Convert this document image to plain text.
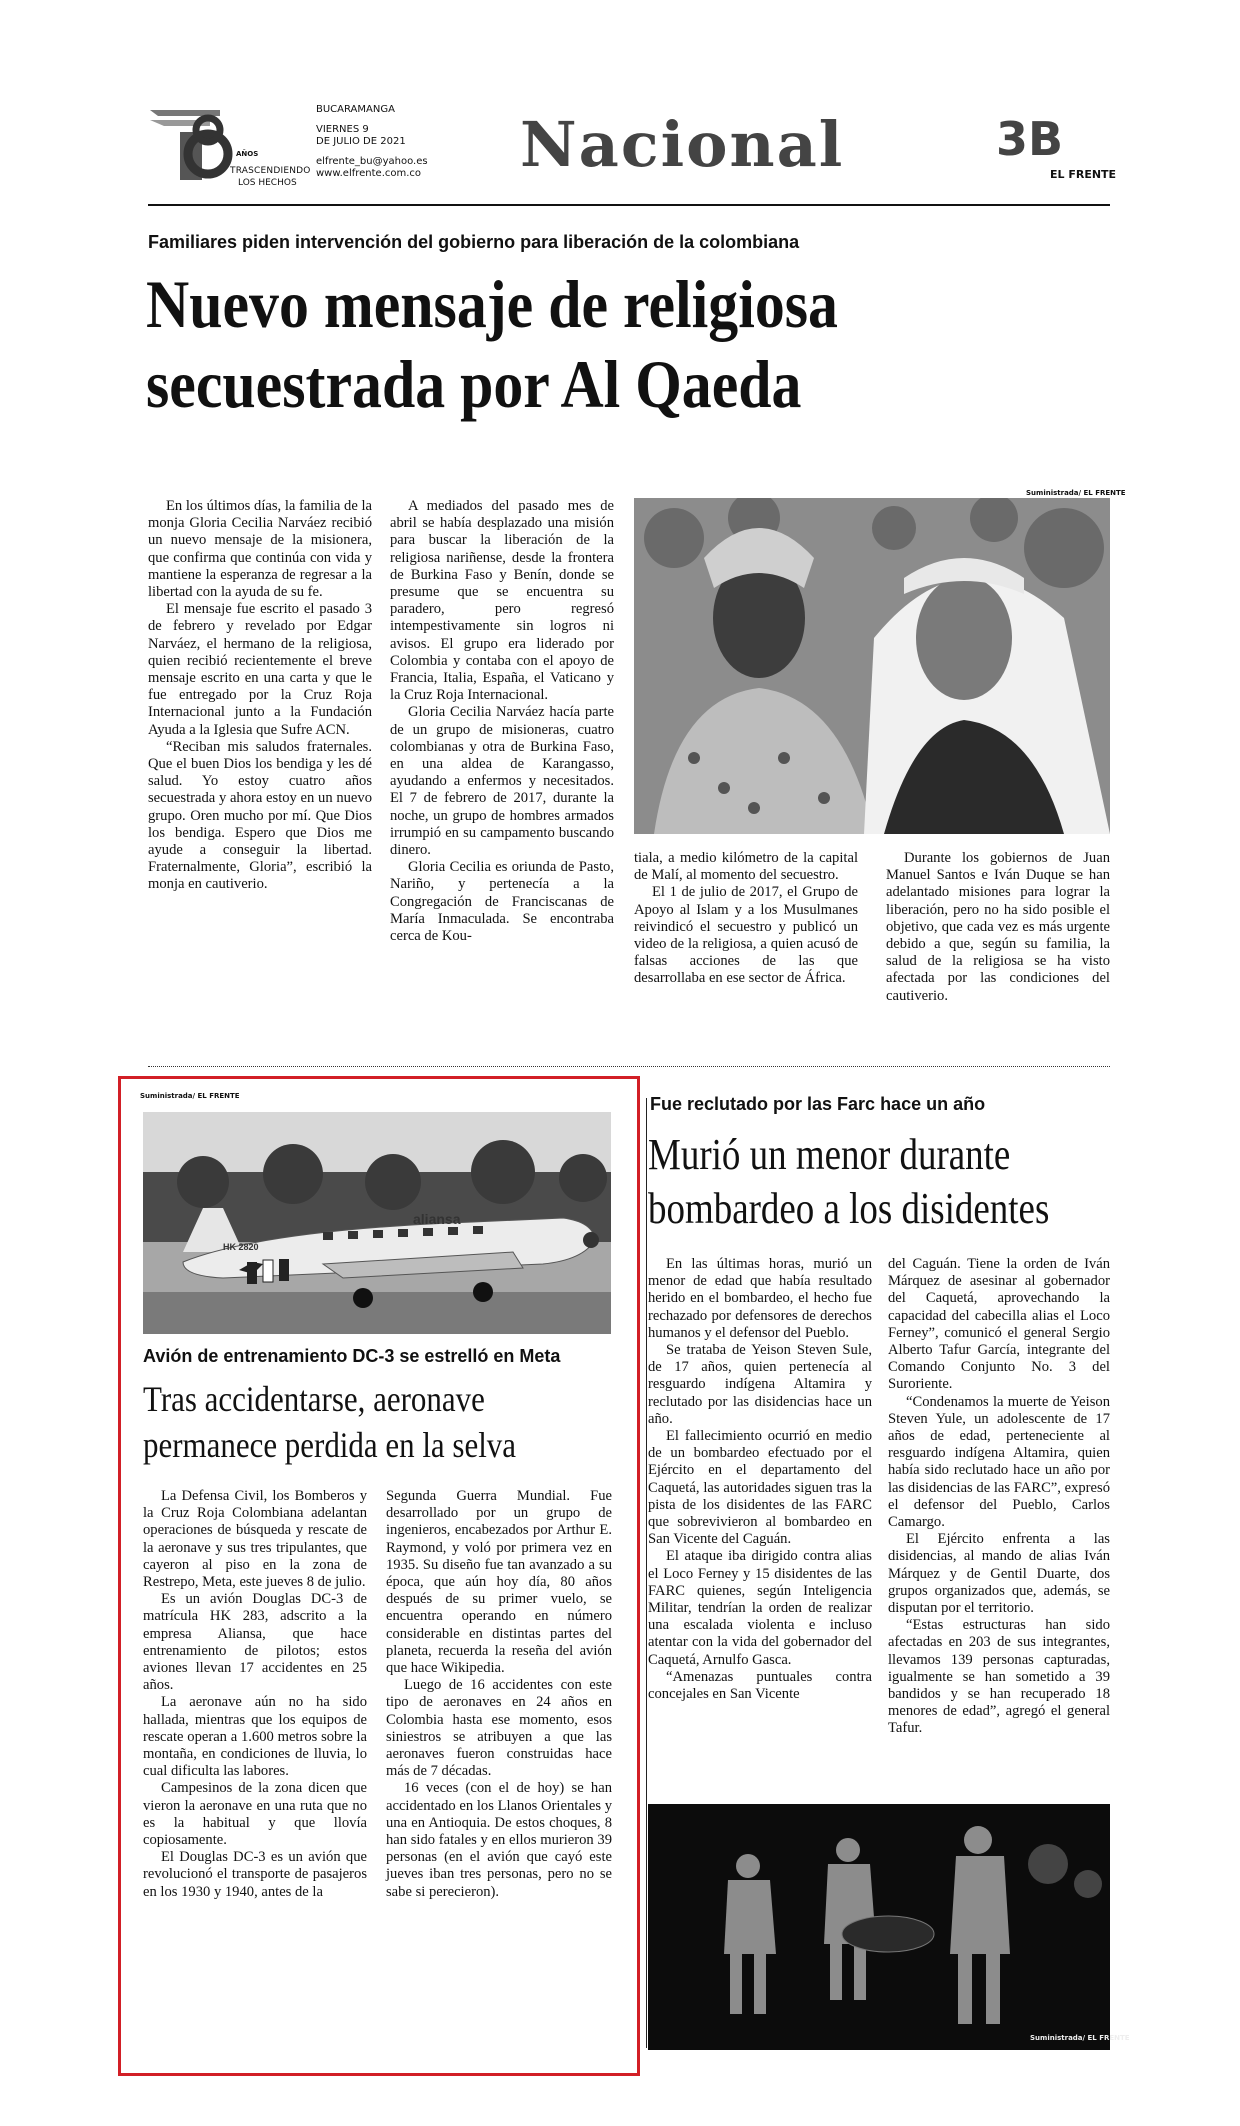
AÑOS
TRASCENDIENDO
LOS HECHOS
BUCARAMANGA
VIERNES 9
DE JULIO DE 2021
elfrente_bu@yahoo.es
www.elfrente.com.co Nacional	3B
EL FRENTE
Familiares piden intervención del gobierno para liberación de la colombiana
Nuevo mensaje de religiosa
secuestrada por Al Qaeda

En los últimos días, la familia de la monja Gloria Cecilia Narváez recibió un nuevo mensaje de la misionera, que confirma que continúa con vida y mantiene la esperanza de regresar a la libertad con la ayuda de su fe.

El mensaje fue escrito el pasado 3 de febrero y revelado por Edgar Narváez, el hermano de la religiosa, quien recibió recientemente el breve mensaje escrito en una carta y que le fue entregado por la Cruz Roja Internacional junto a la Fundación Ayuda a la Iglesia que Sufre ACN.

“Reciban mis saludos fraternales. Que el buen Dios los bendiga y les dé salud. Yo estoy cuatro años secuestrada y ahora estoy en un nuevo grupo. Oren mucho por mí. Que Dios los bendiga. Espero que Dios me ayude a conseguir la libertad. Fraternalmente, Gloria”, escribió la monja en cautiverio.

A mediados del pasado mes de abril se había desplazado una misión para buscar la liberación de la religiosa nariñense, desde la frontera de Burkina Faso y Benín, donde se presume que se encuentra su paradero, pero regresó intempestivamente sin logros ni avisos. El grupo era liderado por Colombia y contaba con el apoyo de Francia, Italia, España, el Vaticano y la Cruz Roja Internacional.

Gloria Cecilia Narváez hacía parte de un grupo de misioneras, cuatro colombianas y otra de Burkina Faso, en una aldea de Karangasso, ayudando a enfermos y necesitados. El 7 de febrero de 2017, durante la noche, un grupo de hombres armados irrumpió en su campamento buscando dinero.

Gloria Cecilia es oriunda de Pasto, Nariño, y pertenecía a la Congregación de Franciscanas de María Inmaculada. Se encontraba cerca de Kou-

Suministrada/ EL FRENTE

tiala, a medio kilómetro de la capital de Malí, al momento del secuestro.

El 1 de julio de 2017, el Grupo de Apoyo al Islam y a los Musulmanes reivindicó el secuestro y publicó un video de la religiosa, a quien acusó de falsas acciones de las que desarrollaba en ese sector de África.

Durante los gobiernos de Juan Manuel Santos e Iván Duque se han adelantado misiones para lograr la liberación, pero no ha sido posible el objetivo, que cada vez es más urgente debido a que, según su familia, la salud de la religiosa se ha visto afectada por las condiciones del cautiverio.

Suministrada/ EL FRENTE
aliansa
HK 2820
Avión de entrenamiento DC-3 se estrelló en Meta
Tras accidentarse, aeronave
permanece perdida en la selva

La Defensa Civil, los Bomberos y la Cruz Roja Colombiana adelantan operaciones de búsqueda y rescate de la aeronave y sus tres tripulantes, que cayeron al piso en la zona de Restrepo, Meta, este jueves 8 de julio.

Es un avión Douglas DC-3 de matrícula HK 283, adscrito a la empresa Aliansa, que hace entrenamiento de pilotos; estos aviones llevan 17 accidentes en 25 años.

La aeronave aún no ha sido hallada, mientras que los equipos de rescate operan a 1.600 metros sobre la montaña, en condiciones de lluvia, lo cual dificulta las labores.

Campesinos de la zona dicen que vieron la aeronave en una ruta que no es la habitual y que llovía copiosamente.

El Douglas DC-3 es un avión que revolucionó el transporte de pasajeros en los 1930 y 1940, antes de la

Segunda Guerra Mundial. Fue desarrollado por un grupo de ingenieros, encabezados por Arthur E. Raymond, y voló por primera vez en 1935. Su diseño fue tan avanzado a su época, que aún hoy día, 80 años después de su primer vuelo, se encuentra operando en número considerable en distintas partes del planeta, recuerda la reseña del avión que hace Wikipedia.

Luego de 16 accidentes con este tipo de aeronaves en 24 años en Colombia hasta ese momento, esos siniestros se atribuyen a que las aeronaves fueron construidas hace más de 7 décadas.

16 veces (con el de hoy) se han accidentado en los Llanos Orientales y una en Antioquia. De estos choques, 8 han sido fatales y en ellos murieron 39 personas (en el avión que cayó este jueves iban tres personas, pero no se sabe si perecieron).

Fue reclutado por las Farc hace un año
Murió un menor durante
bombardeo a los disidentes

En las últimas horas, murió un menor de edad que había resultado herido en el bombardeo, el hecho fue rechazado por defensores de derechos humanos y el defensor del Pueblo.

Se trataba de Yeison Steven Sule, de 17 años, quien pertenecía al resguardo indígena Altamira y reclutado por las disidencias hace un año.

El fallecimiento ocurrió en medio de un bombardeo efectuado por el Ejército en el departamento del Caquetá, las autoridades siguen tras la pista de los disidentes de las FARC que sobrevivieron al bombardeo en San Vicente del Caguán.

El ataque iba dirigido contra alias el Loco Ferney y 15 disidentes de las FARC quienes, según Inteligencia Militar, tendrían la orden de realizar una escalada violenta e incluso atentar con la vida del gobernador del Caquetá, Arnulfo Gasca.

“Amenazas puntuales contra concejales en San Vicente

del Caguán. Tiene la orden de Iván Márquez de asesinar al gobernador del Caquetá, aprovechando la capacidad del cabecilla alias el Loco Ferney”, comunicó el general Sergio Alberto Tafur García, integrante del Comando Conjunto No. 3 del Suroriente.

“Condenamos la muerte de Yeison Steven Yule, un adolescente de 17 años de edad, perteneciente al resguardo indígena Altamira, quien había sido reclutado hace un año por las disidencias de las FARC”, expresó el defensor del Pueblo, Carlos Camargo.

El Ejército enfrenta a las disidencias, al mando de alias Iván Márquez y de Gentil Duarte, dos grupos organizados que, además, se disputan por el territorio.

“Estas estructuras han sido afectadas en 203 de sus integrantes, llevamos 139 personas capturadas, igualmente se han sometido a 39 bandidos y se han recuperado 18 menores de edad”, agregó el general Tafur.

Suministrada/ EL FRENTE
